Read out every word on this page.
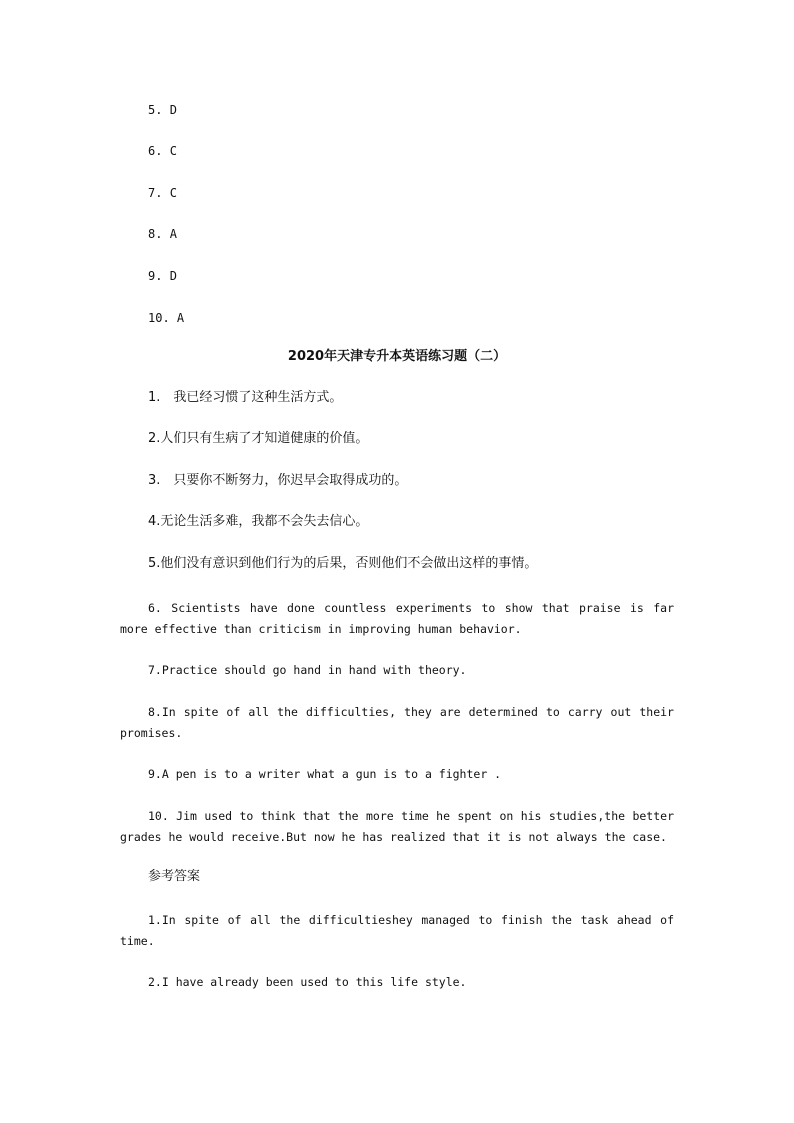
5. D
6. C
7. C
8. A
9. D
10. A
2020年天津专升本英语练习题（二）
1.　我已经习惯了这种生活方式。
2.人们只有生病了才知道健康的价值。
3.　只要你不断努力，你迟早会取得成功的。
4.无论生活多难，我都不会失去信心。
5.他们没有意识到他们行为的后果，否则他们不会做出这样的事情。
6. Scientists have done countless experiments to show that praise is far more effective than criticism in improving human behavior.
7.Practice should go hand in hand with theory.
8.In spite of all the difficulties, they are determined to carry out their promises.
9.A pen is to a writer what a gun is to a fighter .
10. Jim used to think that the more time he spent on his studies,the better grades he would receive.But now he has realized that it is not always the case.
参考答案
1.In spite of all the difficultieshey managed to finish the task ahead of time.
2.I have already been used to this life style.
